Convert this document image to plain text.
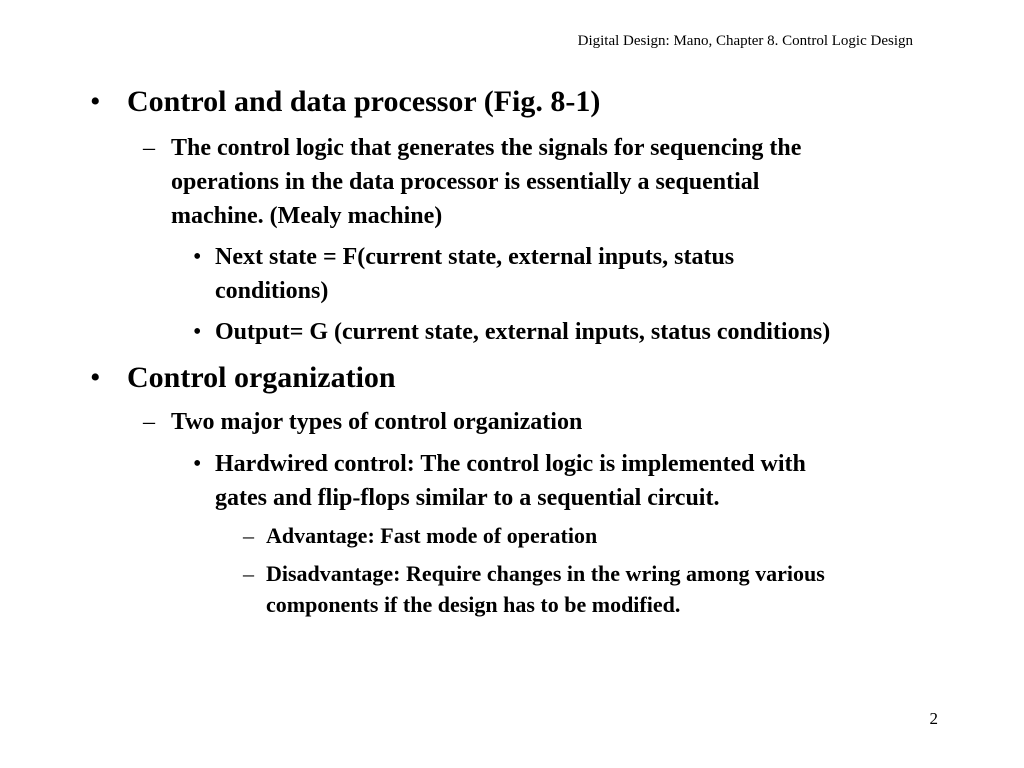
Digital Design: Mano, Chapter 8. Control Logic Design
• Control and data processor (Fig. 8-1)
– The control logic that generates the signals for sequencing the
operations in the data processor is essentially a sequential
machine. (Mealy machine)
• Next state = F(current state, external inputs, status
conditions)
• Output= G (current state, external inputs, status conditions)
• Control organization
– Two major types of control organization
• Hardwired control: The control logic is implemented with
gates and flip-flops similar to a sequential circuit.
– Advantage: Fast mode of operation
– Disadvantage: Require changes in the wring among various
components if the design has to be modified.
2
